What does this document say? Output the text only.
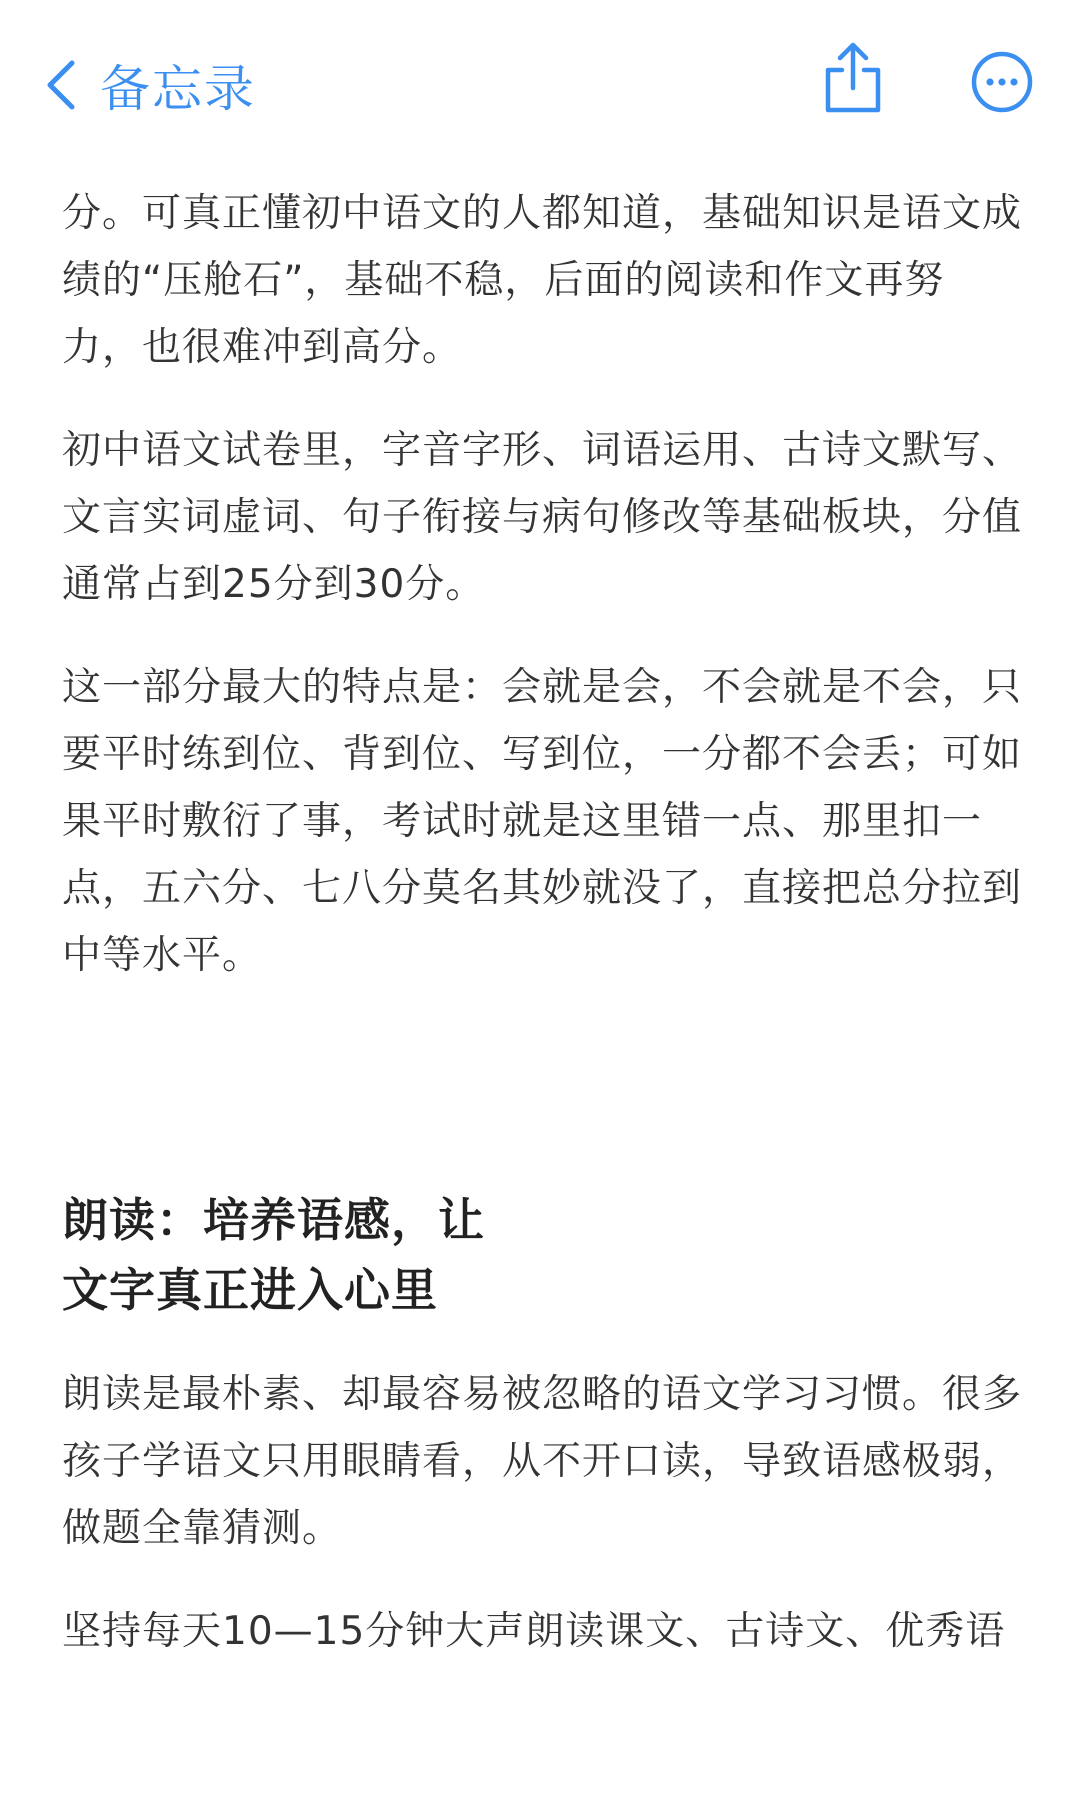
备忘录

分。可真正懂初中语文的人都知道，基础知识是语文成绩的“压舱石”，基础不稳，后面的阅读和作文再努力，也很难冲到高分。

初中语文试卷里，字音字形、词语运用、古诗文默写、文言实词虚词、句子衔接与病句修改等基础板块，分值通常占到25分到30分。

这一部分最大的特点是：会就是会，不会就是不会，只要平时练到位、背到位、写到位，一分都不会丢；可如果平时敷衍了事，考试时就是这里错一点、那里扣一点，五六分、七八分莫名其妙就没了，直接把总分拉到中等水平。

朗读：培养语感，让
文字真正进入心里

朗读是最朴素、却最容易被忽略的语文学习习惯。很多孩子学语文只用眼睛看，从不开口读，导致语感极弱，做题全靠猜测。

坚持每天10—15分钟大声朗读课文、古诗文、优秀语
